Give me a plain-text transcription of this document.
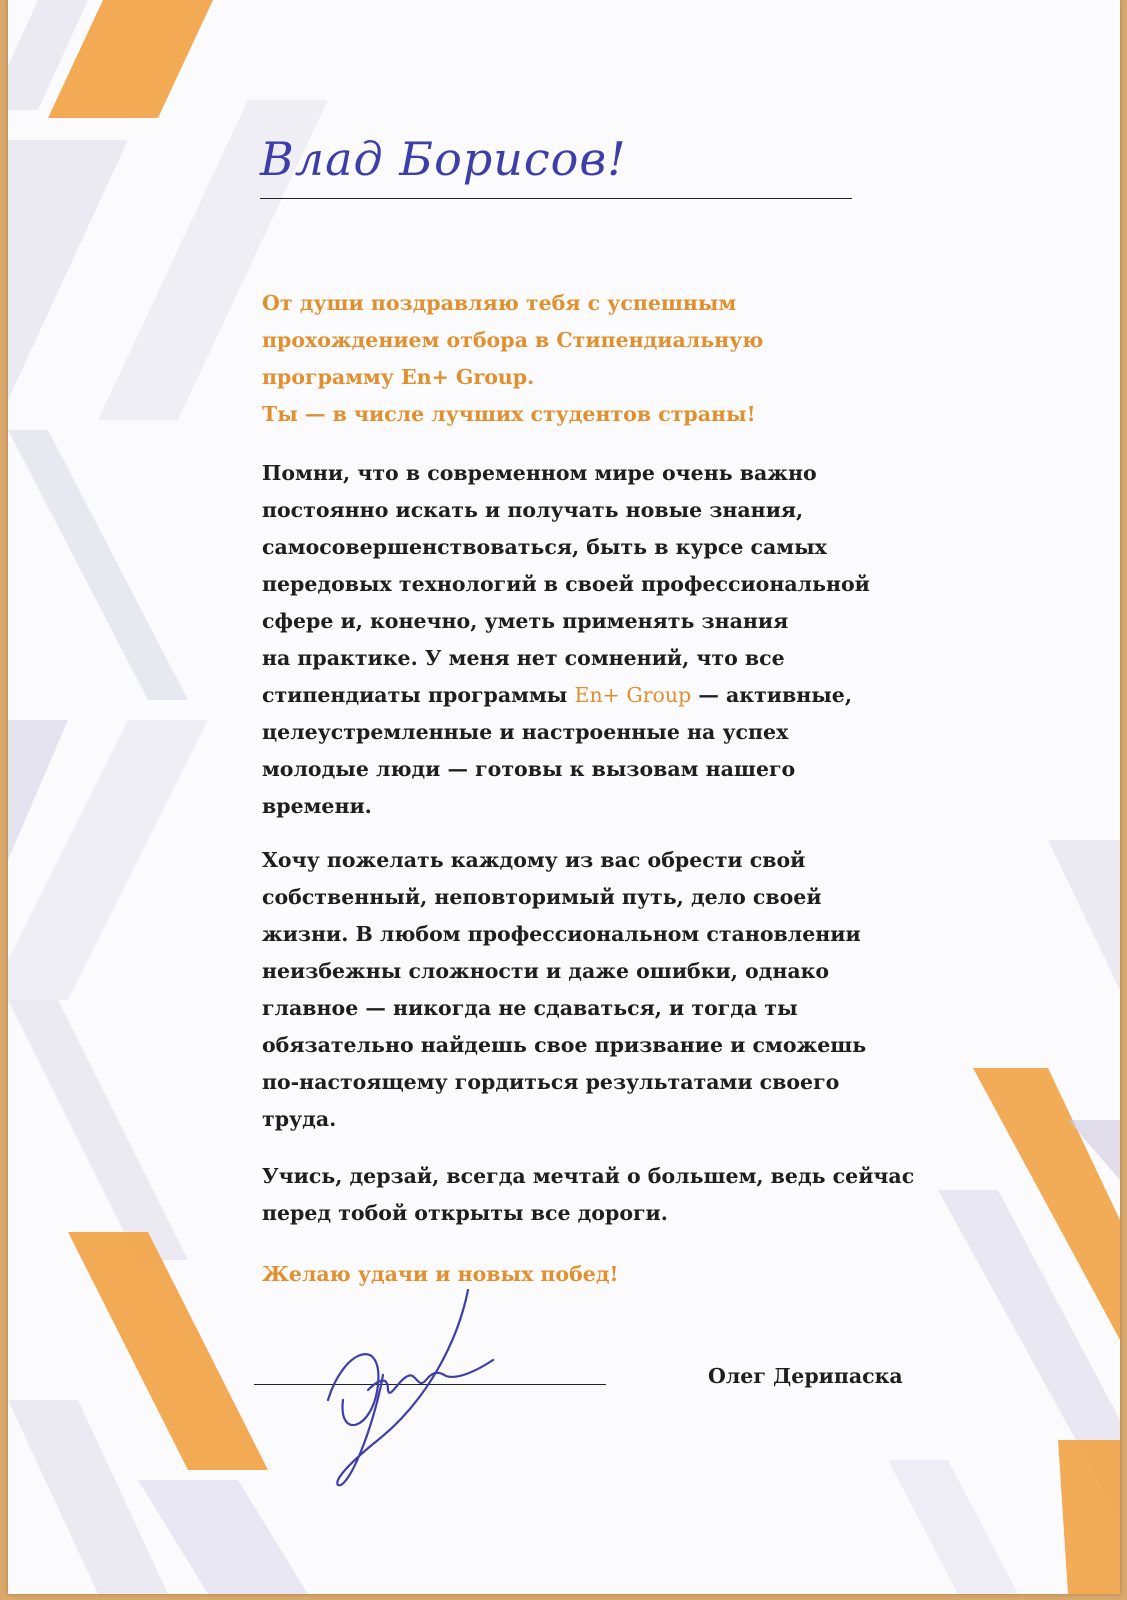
Влад Борисов!
От души поздравляю тебя с успешным
прохождением отбора в Стипендиальную
программу En+ Group.
Ты — в числе лучших студентов страны!
Помни, что в современном мире очень важно
постоянно искать и получать новые знания,
самосовершенствоваться, быть в курсе самых
передовых технологий в своей профессиональной
сфере и, конечно, уметь применять знания
на практике. У меня нет сомнений, что все
стипендиаты программы En+ Group — активные,
целеустремленные и настроенные на успех
молодые люди — готовы к вызовам нашего
времени.
Хочу пожелать каждому из вас обрести свой
собственный, неповторимый путь, дело своей
жизни. В любом профессиональном становлении
неизбежны сложности и даже ошибки, однако
главное — никогда не сдаваться, и тогда ты
обязательно найдешь свое призвание и сможешь
по-настоящему гордиться результатами своего
труда.
Учись, дерзай, всегда мечтай о большем, ведь сейчас
перед тобой открыты все дороги.
Желаю удачи и новых побед!
Олег Дерипаска
